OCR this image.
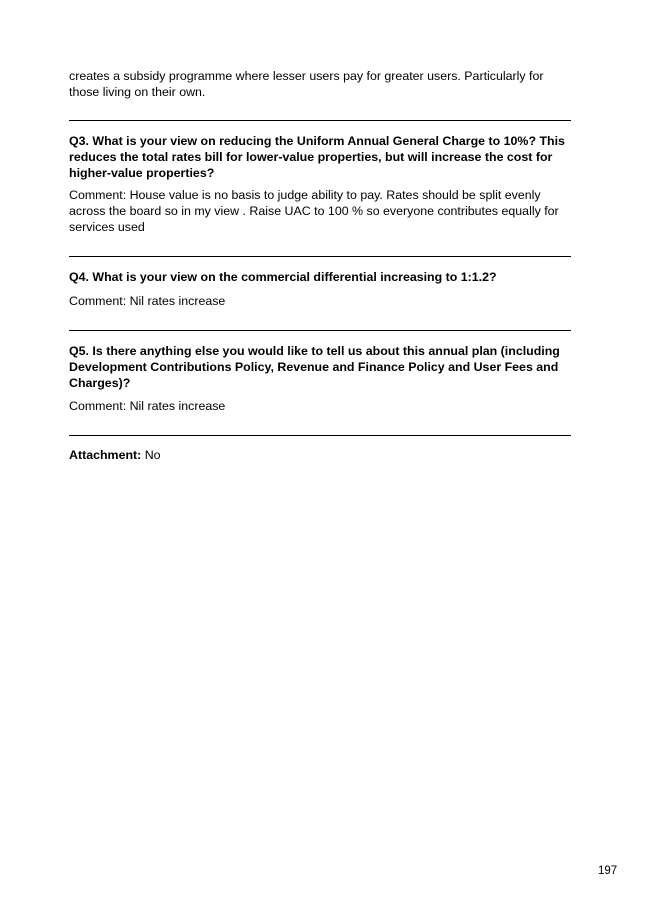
creates a subsidy programme where lesser users pay for greater users. Particularly for those living on their own.

Q3. What is your view on reducing the Uniform Annual General Charge to 10%? This reduces the total rates bill for lower-value properties, but will increase the cost for higher-value properties?

Comment: House value is no basis to judge ability to pay. Rates should be split evenly across the board so in my view . Raise UAC to 100 % so everyone contributes equally for services used

Q4. What is your view on the commercial differential increasing to 1:1.2?

Comment: Nil rates increase

Q5. Is there anything else you would like to tell us about this annual plan (including Development Contributions Policy, Revenue and Finance Policy and User Fees and Charges)?

Comment: Nil rates increase

Attachment: No

197
